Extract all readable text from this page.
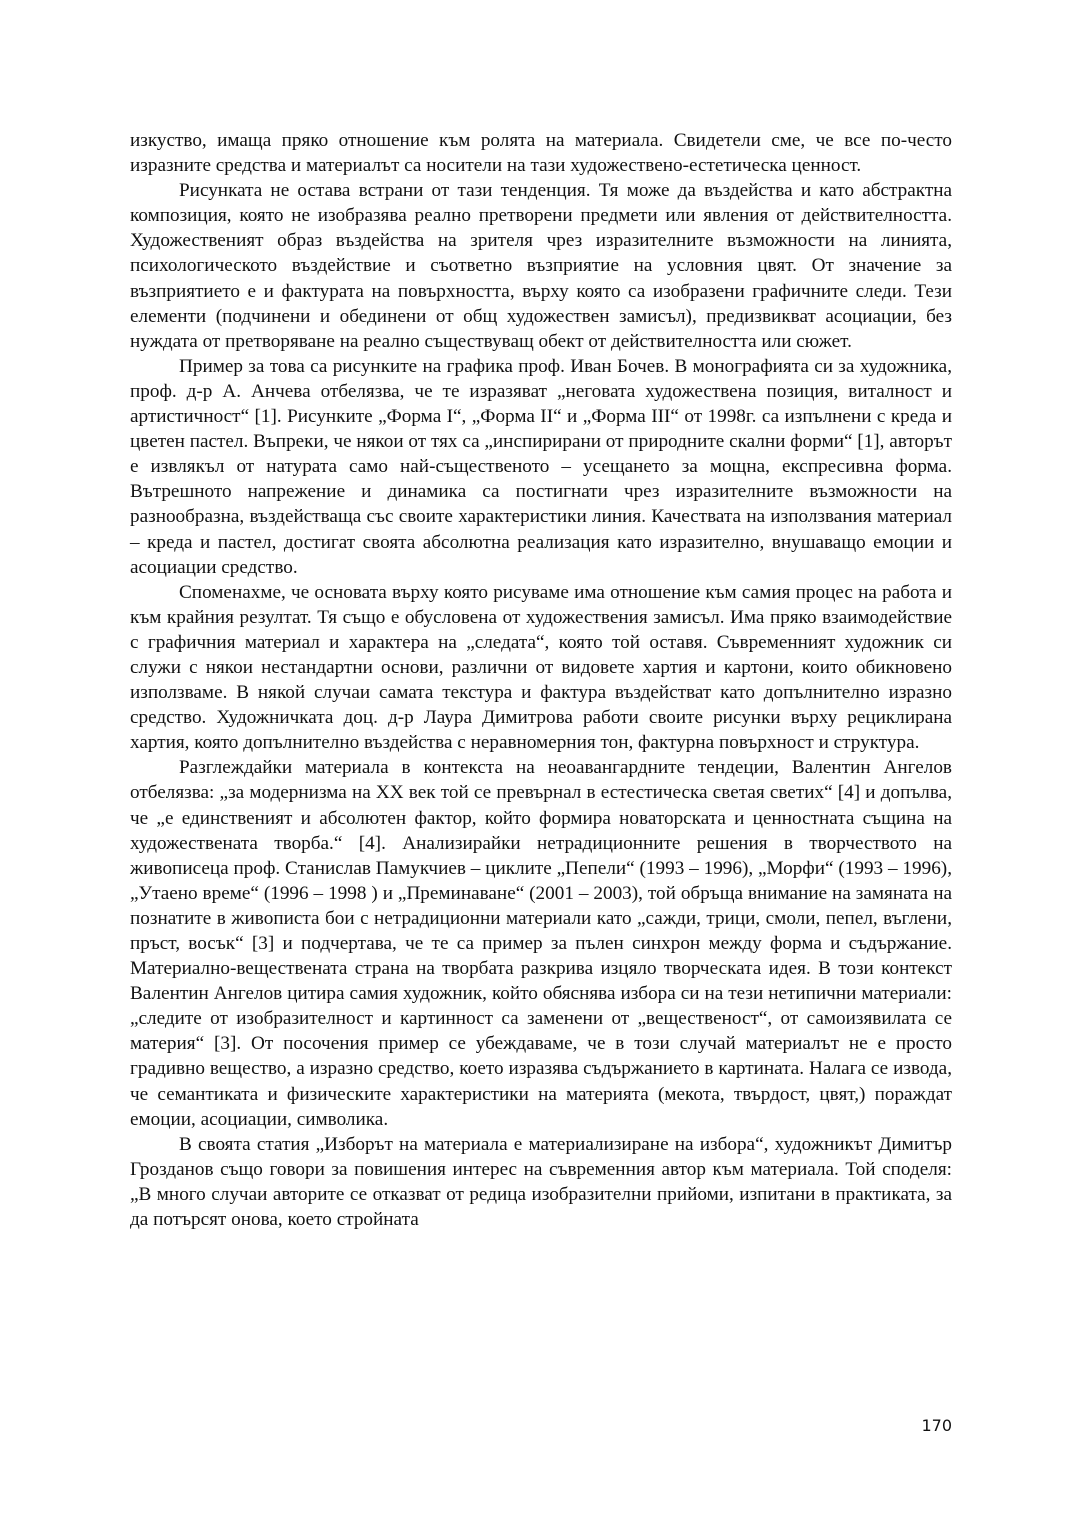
изкуство, имаща пряко отношение към ролята на материала. Свидетели сме, че все по-често изразните средства и материалът са носители на тази художествено-естетическа ценност.

Рисунката не остава встрани от тази тенденция. Тя може да въздейства и като абстрактна композиция, която не изобразява реално претворени предмети или явления от действителността. Художественият образ въздейства на зрителя чрез изразителните възможности на линията, психологическото въздействие и съответно възприятие на условния цвят. От значение за възприятието е и фактурата на повърхността, върху която са изобразени графичните следи. Тези елементи (подчинени и обединени от общ художествен замисъл), предизвикват асоциации, без нуждата от претворяване на реално съществуващ обект от действителността или сюжет.

Пример за това са рисунките на графика проф. Иван Бочев. В монографията си за художника, проф. д-р А. Анчева отбелязва, че те изразяват „неговата художествена позиция, виталност и артистичност“ [1]. Рисунките „Форма I“, „Форма II“ и „Форма III“ от 1998г. са изпълнени с креда и цветен пастел. Въпреки, че някои от тях са „инспирирани от природните скални форми“ [1], авторът е извлякъл от натурата само най-същественото – усещането за мощна, експресивна форма. Вътрешното напрежение и динамика са постигнати чрез изразителните възможности на разнообразна, въздействаща със своите характеристики линия. Качествата на използвания материал – креда и пастел, достигат своята абсолютна реализация като изразително, внушаващо емоции и асоциации средство.

Споменахме, че основата върху която рисуваме има отношение към самия процес на работа и към крайния резултат. Тя също е обусловена от художествения замисъл. Има пряко взаимодействие с графичния материал и характера на „следата“, която той оставя. Съвременният художник си служи с някои нестандартни основи, различни от видовете хартия и картони, които обикновено използваме. В някой случаи самата текстура и фактура въздействат като допълнително изразно средство. Художничката доц. д-р Лаура Димитрова работи своите рисунки върху рециклирана хартия, която допълнително въздейства с неравномерния тон, фактурна повърхност и структура.

Разглеждайки материала в контекста на неоавангардните тендеции, Валентин Ангелов отбелязва: „за модернизма на XX век той се превърнал в естестическа светая светих“ [4] и допълва, че „е единственият и абсолютен фактор, който формира новаторската и ценностната същина на художествената творба.“ [4]. Анализирайки нетрадиционните решения в творчеството на живописеца проф. Станислав Памукчиев – циклите „Пепели“ (1993 – 1996), „Морфи“ (1993 – 1996), „Утаено време“ (1996 – 1998 ) и „Преминаване“ (2001 – 2003), той обръща внимание на замяната на познатите в живописта бои с нетрадиционни материали като „сажди, трици, смоли, пепел, въглени, пръст, восък“ [3] и подчертава, че те са пример за пълен синхрон между форма и съдържание. Материално-веществената страна на творбата разкрива изцяло творческата идея. В този контекст Валентин Ангелов цитира самия художник, който обяснява избора си на тези нетипични материали: „следите от изобразителност и картинност са заменени от „вещественост“, от самоизявилата се материя“ [3]. От посочения пример се убеждаваме, че в този случай материалът не е просто градивно вещество, а изразно средство, което изразява съдържанието в картината. Налага се извода, че семантиката и физическите характеристики на материята (мекота, твърдост, цвят,) пораждат емоции, асоциации, символика.

В своята статия „Изборът на материала е материализиране на избора“, художникът Димитър Грозданов също говори за повишения интерес на съвременния автор към материала. Той споделя: „В много случаи авторите се отказват от редица изобразителни прийоми, изпитани в практиката, за да потърсят онова, което стройната

170
